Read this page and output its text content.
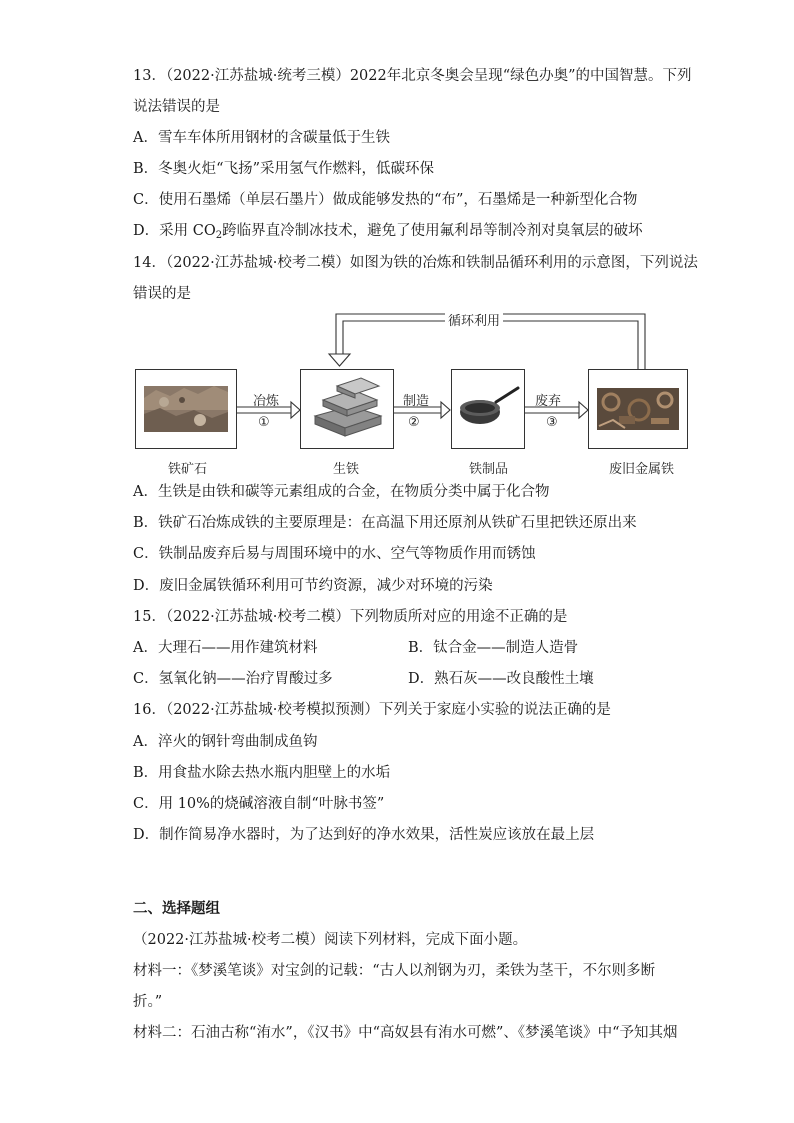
13．（2022·江苏盐城·统考三模）2022年北京冬奥会呈现“绿色办奥”的中国智慧。下列
说法错误的是
A．雪车车体所用钢材的含碳量低于生铁
B．冬奥火炬“飞扬”采用氢气作燃料，低碳环保
C．使用石墨烯（单层石墨片）做成能够发热的“布”，石墨烯是一种新型化合物
D．采用 $CO_2$跨临界直冷制冰技术，避免了使用氟利昂等制冷剂对臭氧层的破坏
14．（2022·江苏盐城·校考二模）如图为铁的冶炼和铁制品循环利用的示意图，下列说法
错误的是
循环利用
冶炼
①
制造
②
废弃
③
铁矿石	生铁	铁制品	废旧金属铁
A．生铁是由铁和碳等元素组成的合金，在物质分类中属于化合物
B．铁矿石冶炼成铁的主要原理是：在高温下用还原剂从铁矿石里把铁还原出来
C．铁制品废弃后易与周围环境中的水、空气等物质作用而锈蚀
D．废旧金属铁循环利用可节约资源，减少对环境的污染
15．（2022·江苏盐城·校考二模）下列物质所对应的用途不正确的是
A．大理石——用作建筑材料	B．钛合金——制造人造骨
C．氢氧化钠——治疗胃酸过多	D．熟石灰——改良酸性土壤
16．（2022·江苏盐城·校考模拟预测）下列关于家庭小实验的说法正确的是
A．淬火的钢针弯曲制成鱼钩
B．用食盐水除去热水瓶内胆壁上的水垢
C．用 10%的烧碱溶液自制“叶脉书签”
D．制作简易净水器时，为了达到好的净水效果，活性炭应该放在最上层
二、选择题组
（2022·江苏盐城·校考二模）阅读下列材料，完成下面小题。
材料一：《梦溪笔谈》对宝剑的记载：“古人以剂钢为刃，柔铁为茎干，不尔则多断
折。”
材料二：石油古称“洧水”，《汉书》中“高奴县有洧水可燃”、《梦溪笔谈》中“予知其烟
